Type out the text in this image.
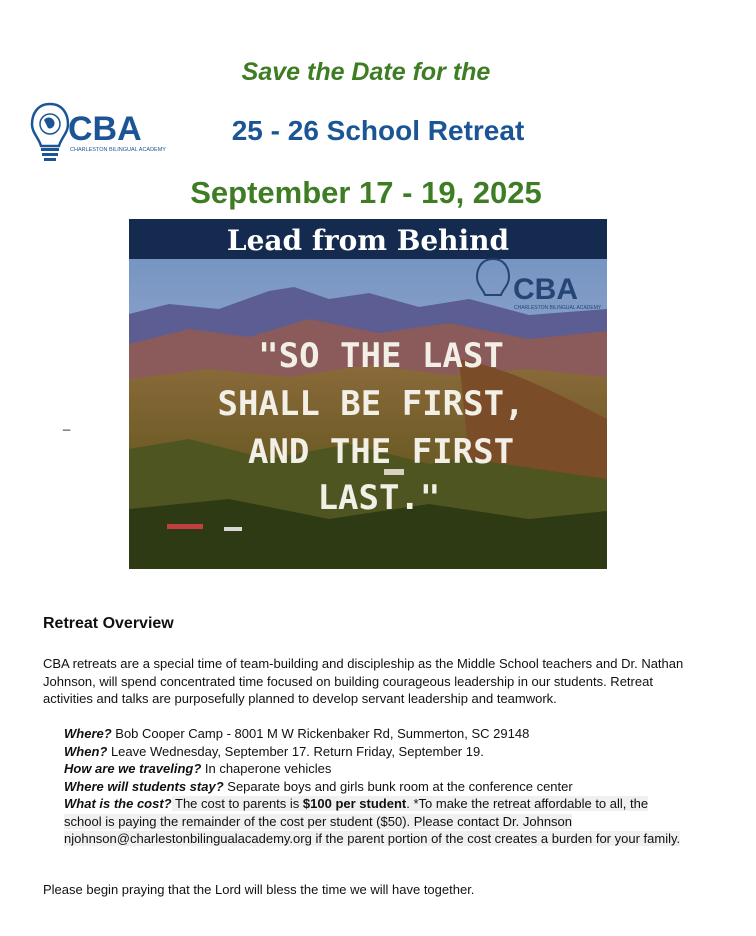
CBA
CHARLESTON BILINGUAL ACADEMY
Save the Date for the
25 - 26 School Retreat
September 17 - 19, 2025
Lead from Behind
CBA
CHARLESTON BILINGUAL ACADEMY
"SO THE LAST
SHALL BE FIRST,
AND THE FIRST
LAST."
_
Retreat Overview
CBA retreats are a special time of team-building and discipleship as the Middle School teachers and Dr. Nathan Johnson, will spend concentrated time focused on building courageous leadership in our students. Retreat activities and talks are purposefully planned to develop servant leadership and teamwork.
Where? Bob Cooper Camp - 8001 M W Rickenbaker Rd, Summerton, SC 29148
When? Leave Wednesday, September 17. Return Friday, September 19.
How are we traveling? In chaperone vehicles
Where will students stay? Separate boys and girls bunk room at the conference center
What is the cost? The cost to parents is $100 per student. *To make the retreat affordable to all, the school is paying the remainder of the cost per student ($50). Please contact Dr. Johnson njohnson@charlestonbilingualacademy.org if the parent portion of the cost creates a burden for your family.
Please begin praying that the Lord will bless the time we will have together.
